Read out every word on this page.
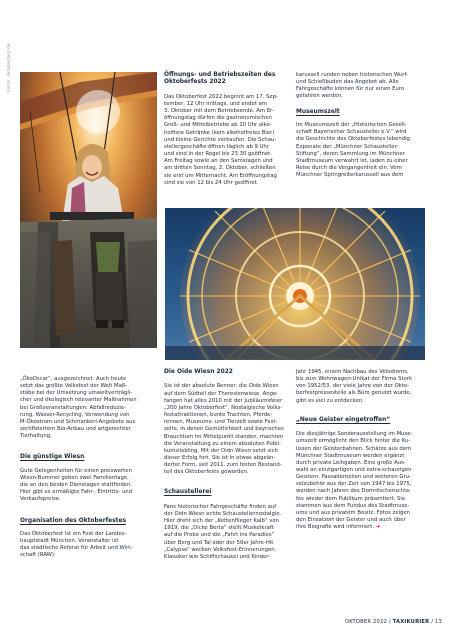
Fotos: oktoberfest.de	Öffnungs- und Betriebszeiten des
Oktoberfests 2022
Das Oktoberfest 2022 beginnt am 17. Sep-
tember, 12 Uhr mittags, und endet am
3. Oktober mit dem Betriebsende. Am Er-
öffnungstag dürfen die gastronomischen
Groß- und Mittelbetriebe ab 10 Uhr alko-
holfreie Getränke (kein alkoholfreies Bier)
und kleine Gerichte verkaufen. Die Schau-
stellergeschäfte öffnen täglich ab 9 Uhr
und sind in der Regel bis 23.30 geöffnet.
Am Freitag sowie an den Samstagen und
am dritten Sonntag, 2. Oktober, schließen
sie erst um Mitternacht. Am Eröffnungstag
sind sie von 12 bis 24 Uhr geöffnet.
karussell runden neben historischen Wurf-
und Schießbuden das Angebot ab. Alle
Fahrgeschäfte können für nur einen Euro
gefahren werden.
Museumszelt
Im Museumszelt der „Historischen Gesell-
schaft Bayerischer Schausteller e.V.“ wird
die Geschichte des Oktoberfestes lebendig.
Exponate der „Münchner Schausteller-
Stiftung“, deren Sammlung im Münchner
Stadtmuseum verwahrt ist, laden zu einer
Reise durch die Vergangenheit ein. Vom
Münchner Springreiterkarussell aus dem
„ÖkoOscar“, ausgezeichnet. Auch heute
setzt das größte Volksfest der Welt Maß-
stäbe bei der Umsetzung umweltverträgli-
cher und ökologisch relevanter Maßnahmen
bei Großveranstaltungen: Abfallreduzie-
rung, Wasser-Recycling, Verwendung von
M-Ökostrom und Schmankerl-Angebote aus
zertifiziertem Bio-Anbau und artgerechter
Tierhaltung.
Die günstige Wiesn
Gute Gelegenheiten für einen preiswerten
Wiesn-Bummel geben zwei Familientage,
die an den beiden Dienstagen stattfinden.
Hier gibt es ermäßigte Fahr-, Eintritts- und
Verkaufspreise.
Organisation des Oktoberfestes
Das Oktoberfest ist ein Fest der Landes-
hauptstadt München. Veranstalter ist
das städtische Referat für Arbeit und Wirt-
schaft (RAW).
Die Oide Wiesn 2022
Sie ist der absolute Renner: die Oide Wiesn
auf dem Südteil der Theresienwiese. Ange-
fangen hat alles 2010 mit der Jubiläumsfeier
„200 Jahre Oktoberfest“. Nostalgische Volks-
festattraktionen, bunte Trachten, Pferde-
rennen, Museums- und Tierzelt sowie Fest-
zelte, in denen Gemütlichkeit und bayrisches
Brauchtum im Mittelpunkt standen, machten
die Veranstaltung zu einem absoluten Publi-
kumsliebling. Mit der Oidn Wiesn setzt sich
dieser Erfolg fort. Sie ist in etwas abgeän-
derter Form, seit 2011, zum festen Bestand-
teil des Oktoberfests geworden.
Schaustellerei
Fans historischer Fahrgeschäfte finden auf
der Oidn Wiesn echte Schaustellernostalgie.
Hier dreht sich der „Kettenflieger Kalb“ von
1919, die „Dicke Berta“ stellt Muskelkraft
auf die Probe und die „Fahrt ins Paradies“
über Berg und Tal oder der 50er Jahre-Hit
„Calypso“ wecken Volksfest-Erinnerungen.
Klassiker wie Schiffschaukel und Kinder-
Jahr 1945, einem Nachbau des Velodroms,
bis zum Wohnwagen-Unikat der Firma Stork
von 1952/53, der viele Jahre von der Okto-
berfestpressestelle als Büro genutzt wurde,
gibt es viel zu entdecken.
„Neue Geister eingetroffen“
Die diesjährige Sonderausstellung im Muse-
umszelt ermöglicht den Blick hinter die Ku-
lissen der Geisterbahnen. Schätze aus dem
Münchner Stadtmuseum werden ergänzt
durch private Leihgaben. Eine große Aus-
wahl an einzigartigen und extra-schaurigen
Geistern, Fassadenteilen und weiteren Gru-
selzubehör aus der Zeit von 1947 bis 1975,
werden nach Jahren des Dornröschenschla-
fes wieder dem Publikum präsentiert. Sie
stammen aus dem Fundus des Stadtmuse-
ums und aus privatem Besitz. Fotos zeigen
den Einsatzort der Geister und auch über
ihre Biografie wird informiert. ➔
OKTOBER 2022 / TAXIKURIER / 13
